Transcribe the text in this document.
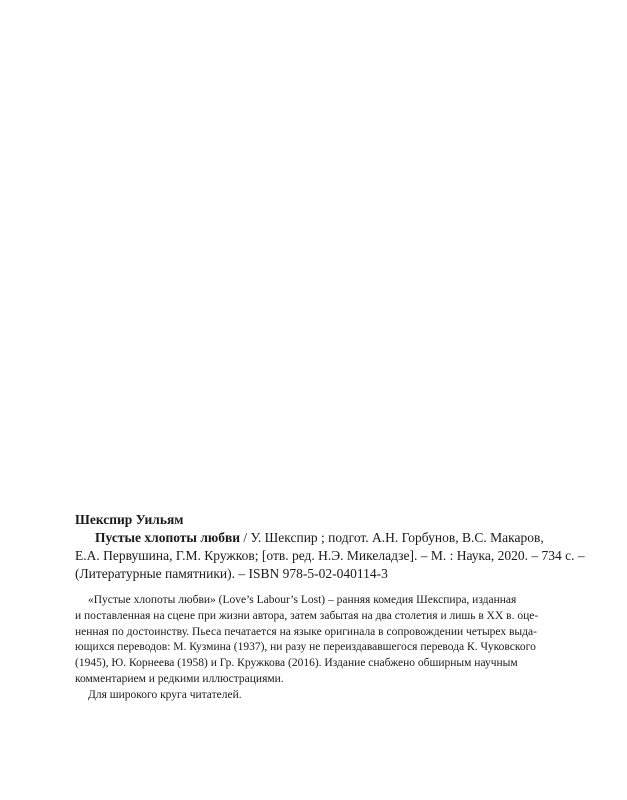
Шекспир Уильям

Пустые хлопоты любви / У. Шекспир ; подгот. А.Н. Горбунов, В.С. Макаров,
Е.А. Первушина, Г.М. Кружков; [отв. ред. Н.Э. Микеладзе]. – М. : Наука, 2020. – 734 с. –
(Литературные памятники). – ISBN 978-5-02-040114-3

«Пустые хлопоты любви» (Love’s Labour’s Lost) – ранняя комедия Шекспира, изданная
и поставленная на сцене при жизни автора, затем забытая на два столетия и лишь в XX в. оце-
ненная по достоинству. Пьеса печатается на языке оригинала в сопровождении четырех выда-
ющихся переводов: М. Кузмина (1937), ни разу не переиздававшегося перевода К. Чуковского
(1945), Ю. Корнеева (1958) и Гр. Кружкова (2016). Издание снабжено обширным научным
комментарием и редкими иллюстрациями.
Для широкого круга читателей.
